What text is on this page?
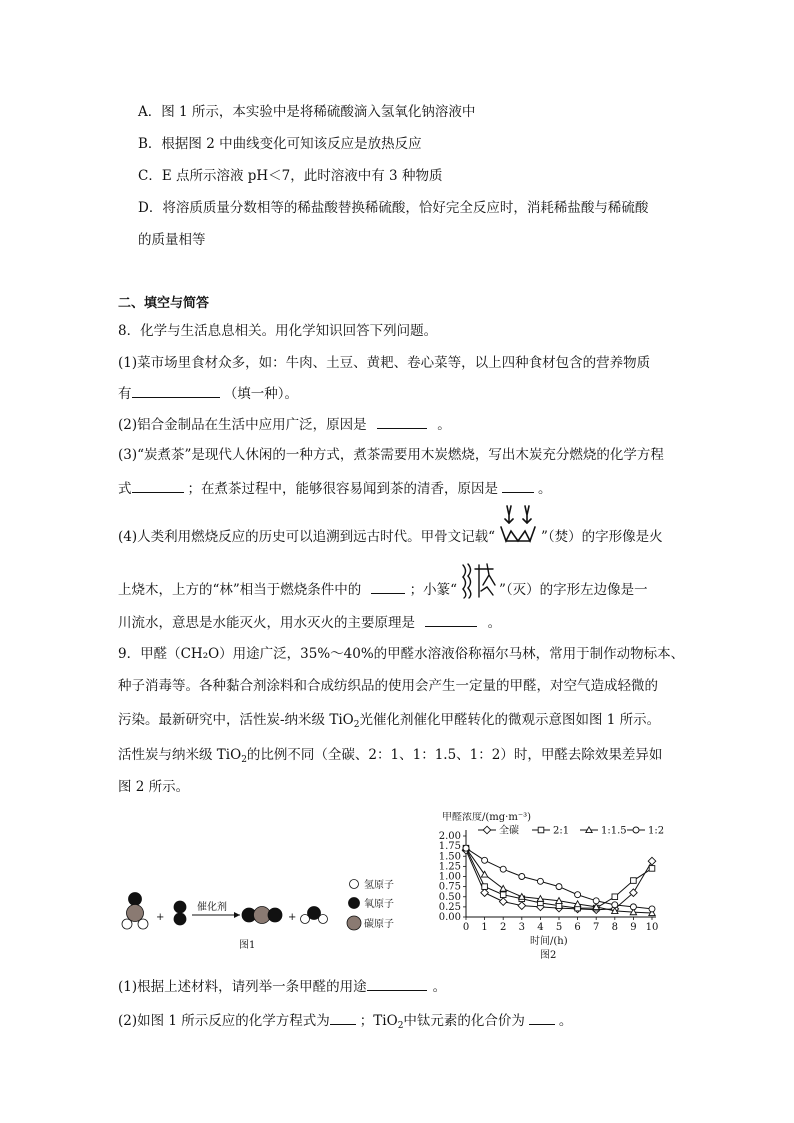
A．图 1 所示，本实验中是将稀硫酸滴入氢氧化钠溶液中
B．根据图 2 中曲线变化可知该反应是放热反应
C．E 点所示溶液 pH＜7，此时溶液中有 3 种物质
D．将溶质质量分数相等的稀盐酸替换稀硫酸，恰好完全反应时，消耗稀盐酸与稀硫酸
的质量相等
二、填空与简答
8．化学与生活息息相关。用化学知识回答下列问题。
(1)菜市场里食材众多，如：牛肉、土豆、黄耙、卷心菜等，以上四种食材包含的营养物质
有	（填一种）。
(2)铝合金制品在生活中应用广泛，原因是	。
(3)“炭煮茶”是现代人休闲的一种方式，煮茶需要用木炭燃烧，写出木炭充分燃烧的化学方程
式	；在煮茶过程中，能够很容易闻到茶的清香，原因是	。
(4)人类利用燃烧反应的历史可以追溯到远古时代。甲骨文记载“	”（焚）的字形像是火
上烧木，上方的“林”相当于燃烧条件中的	；小篆“	”（灭）的字形左边像是一
川流水，意思是水能灭火，用水灭火的主要原理是	。
9．甲醛（CH₂O）用途广泛，35%～40%的甲醛水溶液俗称福尔马林，常用于制作动物标本、
种子消毒等。各种黏合剂涂料和合成纺织品的使用会产生一定量的甲醛，对空气造成轻微的
污染。最新研究中，活性炭-纳米级 TiO$_2$光催化剂催化甲醛转化的微观示意图如图 1 所示。
活性炭与纳米级 TiO$_2$的比例不同（全碳、2：1、1：1.5、1：2）时，甲醛去除效果差异如
图 2 所示。
+
催化剂
+
氢原子
氧原子
碳原子
图1
0.00
0.25
0.50
0.75
1.00
1.25
1.50
1.75
2.00
0 1 2 3 4 5 6 7 8 9 10
甲醛浓度/(mg·m⁻³)
时间/(h)
图2
全碳	2:1	1:1.5 1:2
(1)根据上述材料，请列举一条甲醛的用途	。
(2)如图 1 所示反应的化学方程式为 ；TiO$_2$中钛元素的化合价为	。
